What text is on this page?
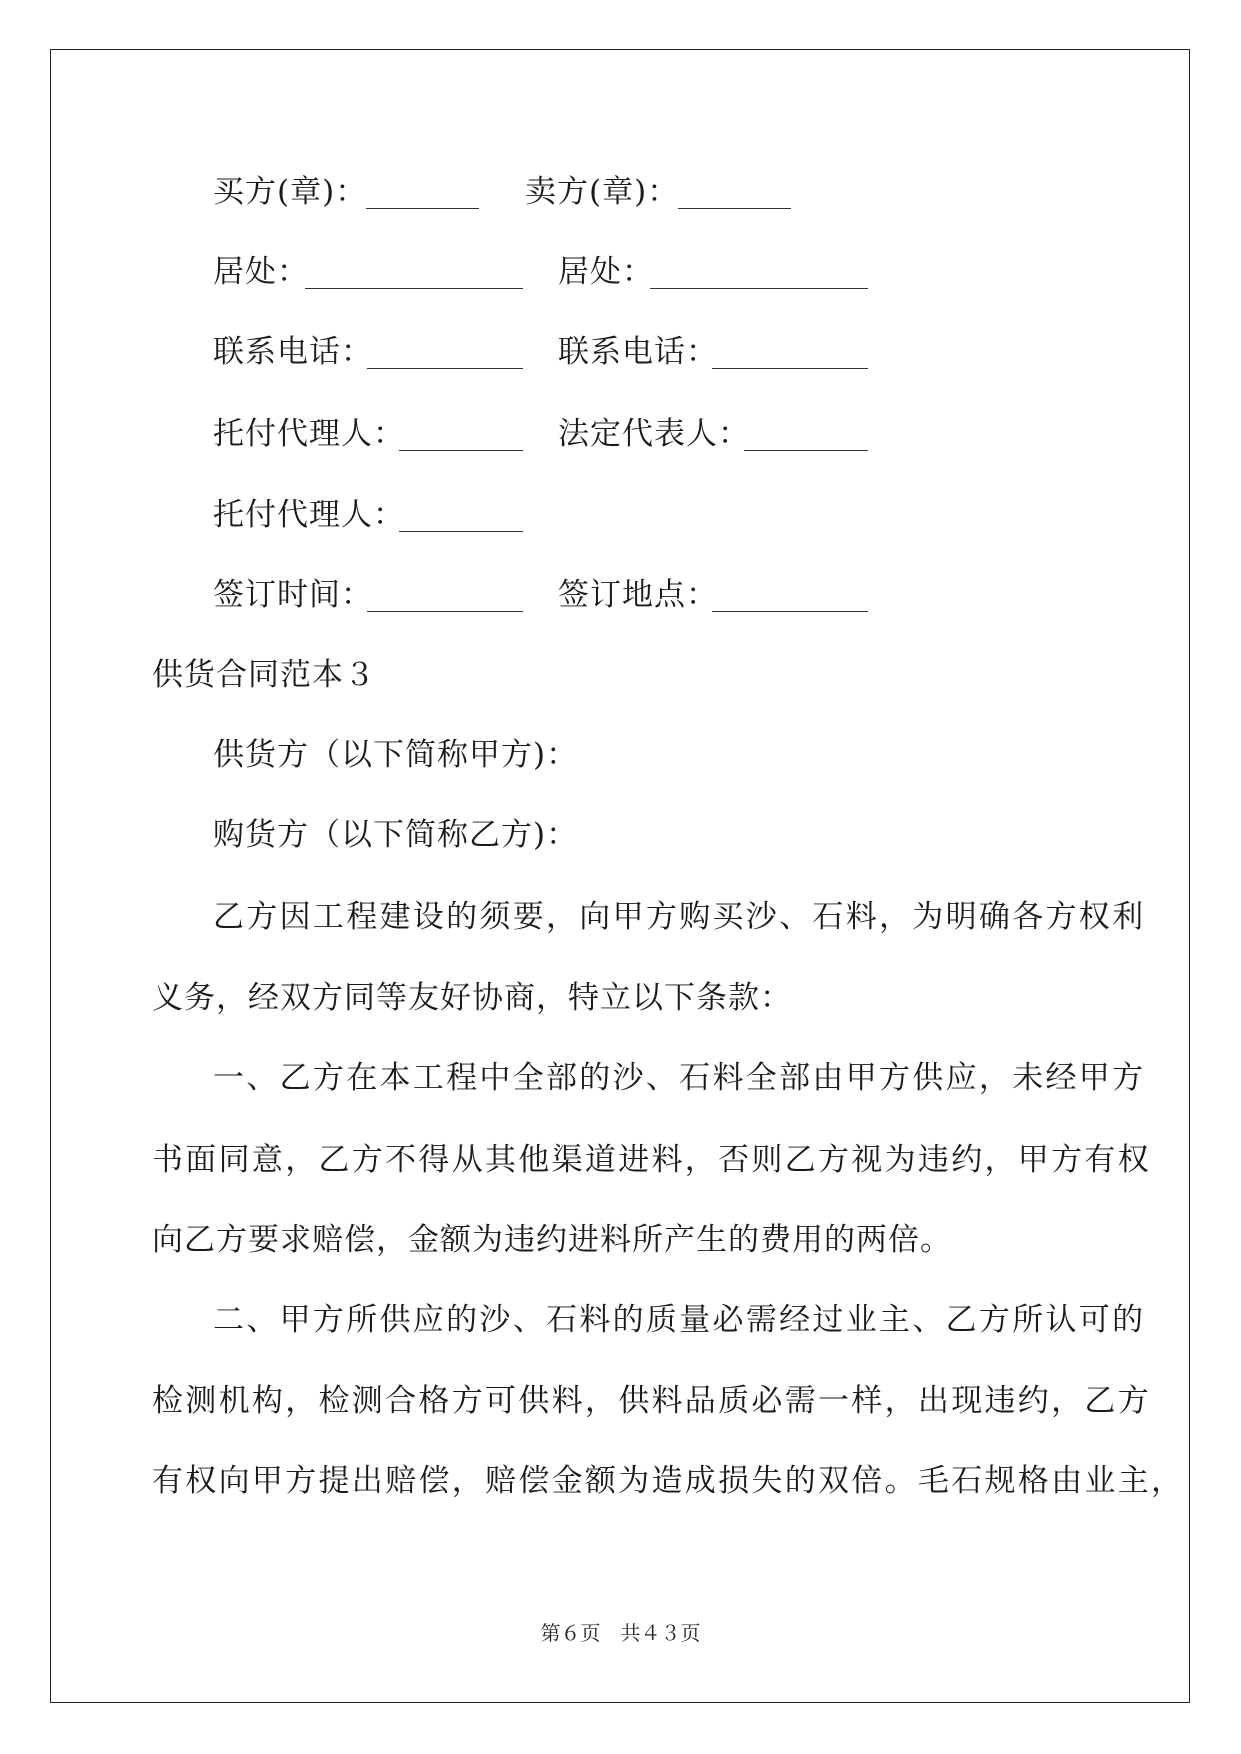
买方(章)：	卖方(章)：
居处：	居处：
联系电话：	联系电话：
托付代理人：	法定代表人：
托付代理人：
签订时间：	签订地点：
供货合同范本３
供货方（以下简称甲方)：
购货方（以下简称乙方)：
乙方因工程建设的须要，向甲方购买沙、石料，为明确各方权利
义务，经双方同等友好协商，特立以下条款：
一、乙方在本工程中全部的沙、石料全部由甲方供应，未经甲方
书面同意，乙方不得从其他渠道进料，否则乙方视为违约，甲方有权
向乙方要求赔偿，金额为违约进料所产生的费用的两倍。
二、甲方所供应的沙、石料的质量必需经过业主、乙方所认可的
检测机构，检测合格方可供料，供料品质必需一样，出现违约，乙方
有权向甲方提出赔偿，赔偿金额为造成损失的双倍。毛石规格由业主，
第６页　共４３页
